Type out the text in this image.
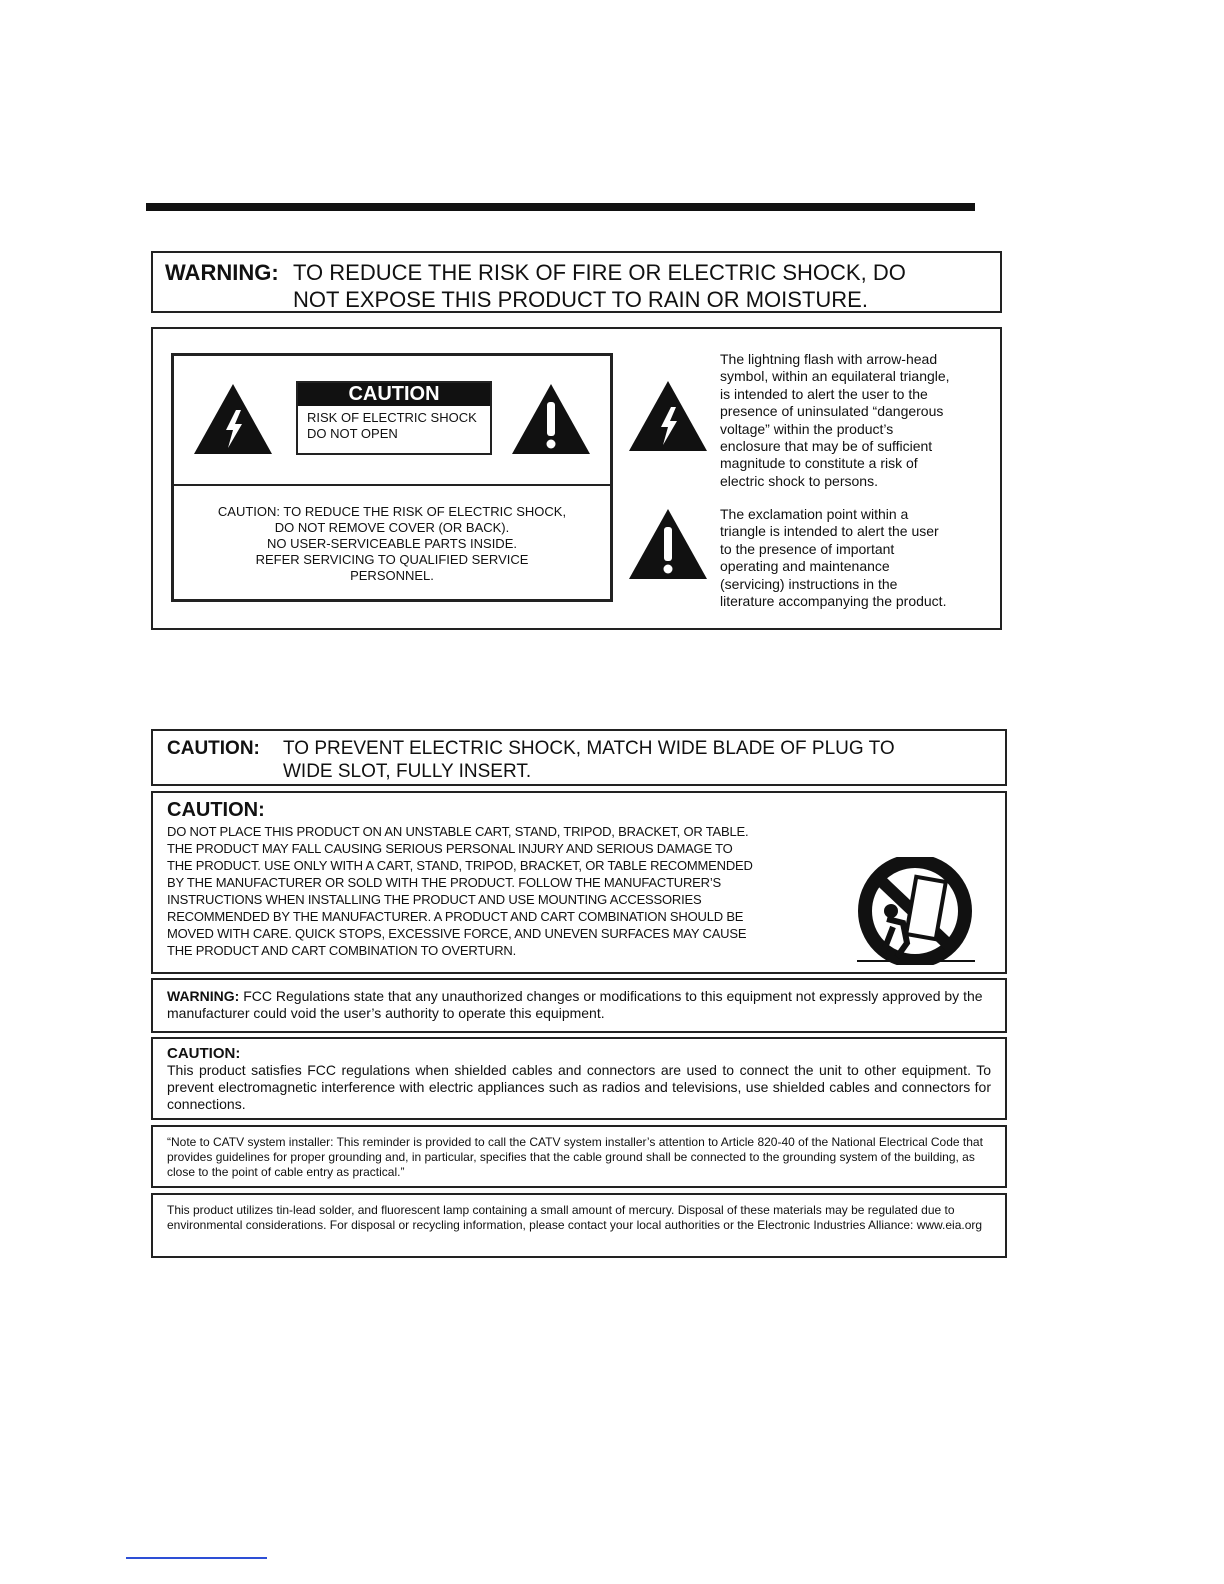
WARNING: TO REDUCE THE RISK OF FIRE OR ELECTRIC SHOCK, DO
NOT EXPOSE THIS PRODUCT TO RAIN OR MOISTURE.
CAUTION
RISK OF ELECTRIC SHOCK
DO NOT OPEN
CAUTION: TO REDUCE THE RISK OF ELECTRIC SHOCK,
DO NOT REMOVE COVER (OR BACK).
NO USER-SERVICEABLE PARTS INSIDE.
REFER SERVICING TO QUALIFIED SERVICE
PERSONNEL.
The lightning flash with arrow-head
symbol, within an equilateral triangle,
is intended to alert the user to the
presence of uninsulated “dangerous
voltage” within the product’s
enclosure that may be of sufficient
magnitude to constitute a risk of
electric shock to persons.
The exclamation point within a
triangle is intended to alert the user
to the presence of important
operating and maintenance
(servicing) instructions in the
literature accompanying the product.
CAUTION:	TO PREVENT ELECTRIC SHOCK, MATCH WIDE BLADE OF PLUG TO
WIDE SLOT, FULLY INSERT.
CAUTION:
DO NOT PLACE THIS PRODUCT ON AN UNSTABLE CART, STAND, TRIPOD, BRACKET, OR TABLE.
THE PRODUCT MAY FALL CAUSING SERIOUS PERSONAL INJURY AND SERIOUS DAMAGE TO
THE PRODUCT. USE ONLY WITH A CART, STAND, TRIPOD, BRACKET, OR TABLE RECOMMENDED
BY THE MANUFACTURER OR SOLD WITH THE PRODUCT. FOLLOW THE MANUFACTURER’S
INSTRUCTIONS WHEN INSTALLING THE PRODUCT AND USE MOUNTING ACCESSORIES
RECOMMENDED BY THE MANUFACTURER. A PRODUCT AND CART COMBINATION SHOULD BE
MOVED WITH CARE. QUICK STOPS, EXCESSIVE FORCE, AND UNEVEN SURFACES MAY CAUSE
THE PRODUCT AND CART COMBINATION TO OVERTURN.
WARNING: FCC Regulations state that any unauthorized changes or modifications to this equipment not expressly approved by the manufacturer could void the user’s authority to operate this equipment.
CAUTION:
This product satisfies FCC regulations when shielded cables and connectors are used to connect the unit to other equipment. To prevent electromagnetic interference with electric appliances such as radios and televisions, use shielded cables and connectors for connections.
“Note to CATV system installer: This reminder is provided to call the CATV system installer’s attention to Article 820-40 of the National Electrical Code that provides guidelines for proper grounding and, in particular, specifies that the cable ground shall be connected to the grounding system of the building, as close to the point of cable entry as practical.”
This product utilizes tin-lead solder, and fluorescent lamp containing a small amount of mercury. Disposal of these materials may be regulated due to environmental considerations. For disposal or recycling information, please contact your local authorities or the Electronic Industries Alliance: www.eia.org
